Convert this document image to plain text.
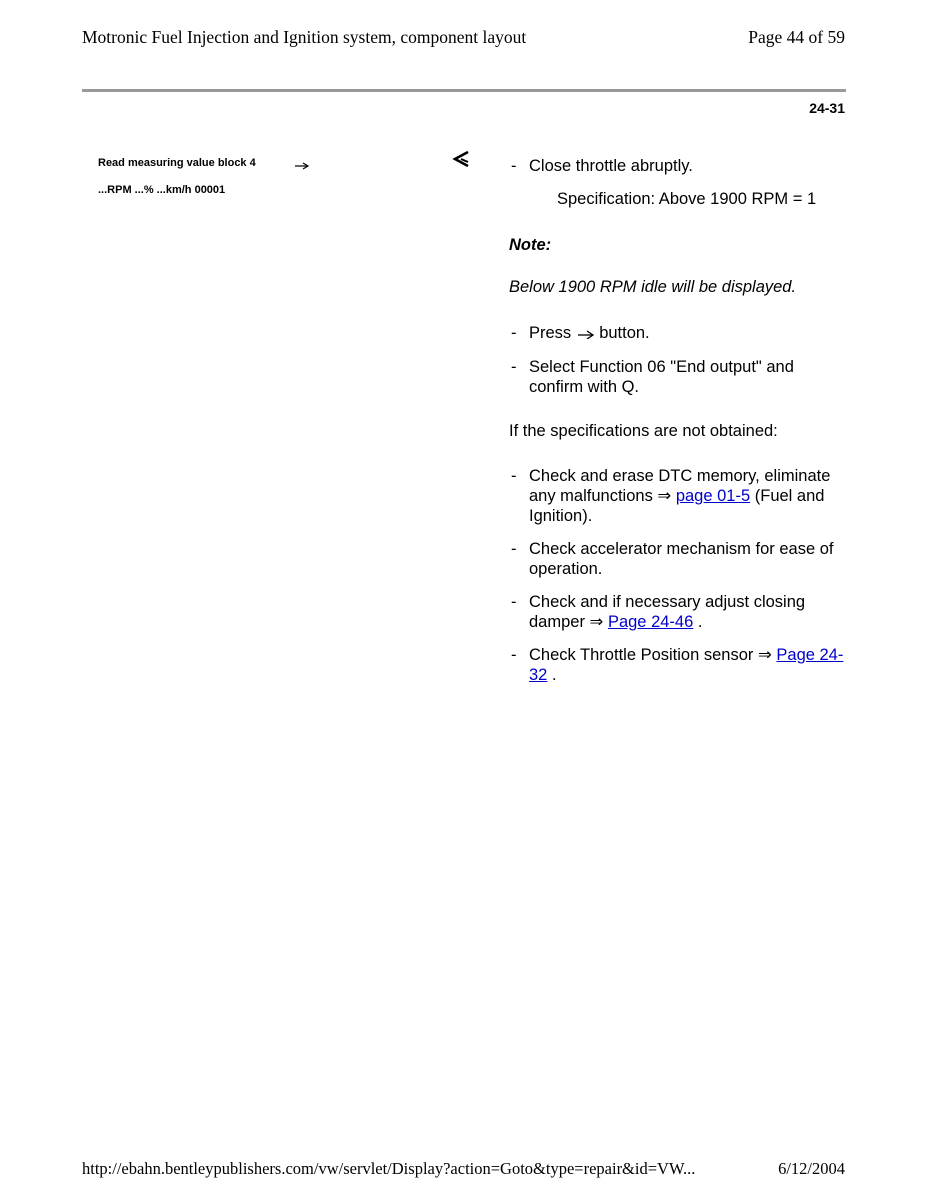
Motronic Fuel Injection and Ignition system, component layout	Page 44 of 59
24-31
Read measuring value block 4
...RPM ...% ...km/h 00001
- Close throttle abruptly.
Specification: Above 1900 RPM = 1
Note:
Below 1900 RPM idle will be displayed.
- Press button.
- Select Function 06 "End output" and confirm with Q.
If the specifications are not obtained:
- Check and erase DTC memory, eliminate any malfunctions ⇒ page 01-5 (Fuel and Ignition).
- Check accelerator mechanism for ease of operation.
- Check and if necessary adjust closing damper ⇒ Page 24-46 .
- Check Throttle Position sensor ⇒ Page 24-32 .
http://ebahn.bentleypublishers.com/vw/servlet/Display?action=Goto&type=repair&id=VW...	6/12/2004
